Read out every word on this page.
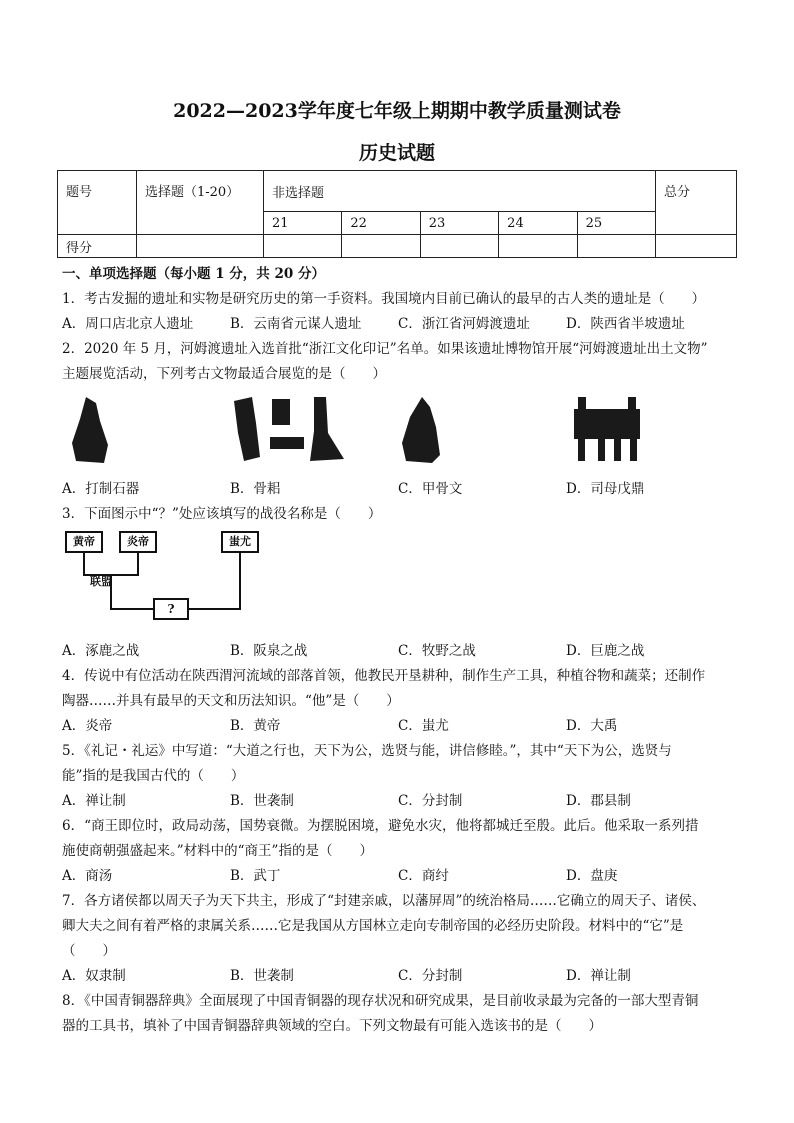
2022—2023学年度七年级上期期中教学质量测试卷
历史试题
题号	选择题（1-20）	非选择题					总分
		21	22	23	24	25	
得分							
一、单项选择题（每小题 1 分，共 20 分）
1．考古发掘的遗址和实物是研究历史的第一手资料。我国境内目前已确认的最早的古人类的遗址是（　　）
A．周口店北京人遗址	B．云南省元谋人遗址	C．浙江省河姆渡遗址	D．陕西省半坡遗址
2．2020 年 5 月，河姆渡遗址入选首批“浙江文化印记”名单。如果该遗址博物馆开展“河姆渡遗址出土文物”
主题展览活动，下列考古文物最适合展览的是（　　）
A．打制石器	B．骨耜	C．甲骨文	D．司母戊鼎
3．下面图示中“？”处应该填写的战役名称是（　　）
黄帝	炎帝	蚩尤
联盟
?
A．涿鹿之战	B．阪泉之战	C．牧野之战	D．巨鹿之战
4．传说中有位活动在陕西渭河流域的部落首领，他教民开垦耕种，制作生产工具，种植谷物和蔬菜；还制作
陶器……并具有最早的天文和历法知识。“他”是（　　）
A．炎帝	B．黄帝	C．蚩尤	D．大禹
5．《礼记・礼运》中写道：“大道之行也，天下为公，选贤与能，讲信修睦。”，其中“天下为公，选贤与
能”指的是我国古代的（　　）
A．禅让制	B．世袭制	C．分封制	D．郡县制
6．“商王即位时，政局动荡，国势衰微。为摆脱困境，避免水灾，他将都城迁至殷。此后。他采取一系列措
施使商朝强盛起来。”材料中的“商王”指的是（　　）
A．商汤	B．武丁	C．商纣	D．盘庚
7．各方诸侯都以周天子为天下共主，形成了“封建亲戚，以藩屏周”的统治格局……它确立的周天子、诸侯、
卿大夫之间有着严格的隶属关系……它是我国从方国林立走向专制帝国的必经历史阶段。材料中的“它”是
（　　）
A．奴隶制	B．世袭制	C．分封制	D．禅让制
8．《中国青铜器辞典》全面展现了中国青铜器的现存状况和研究成果，是目前收录最为完备的一部大型青铜
器的工具书，填补了中国青铜器辞典领域的空白。下列文物最有可能入选该书的是（　　）
